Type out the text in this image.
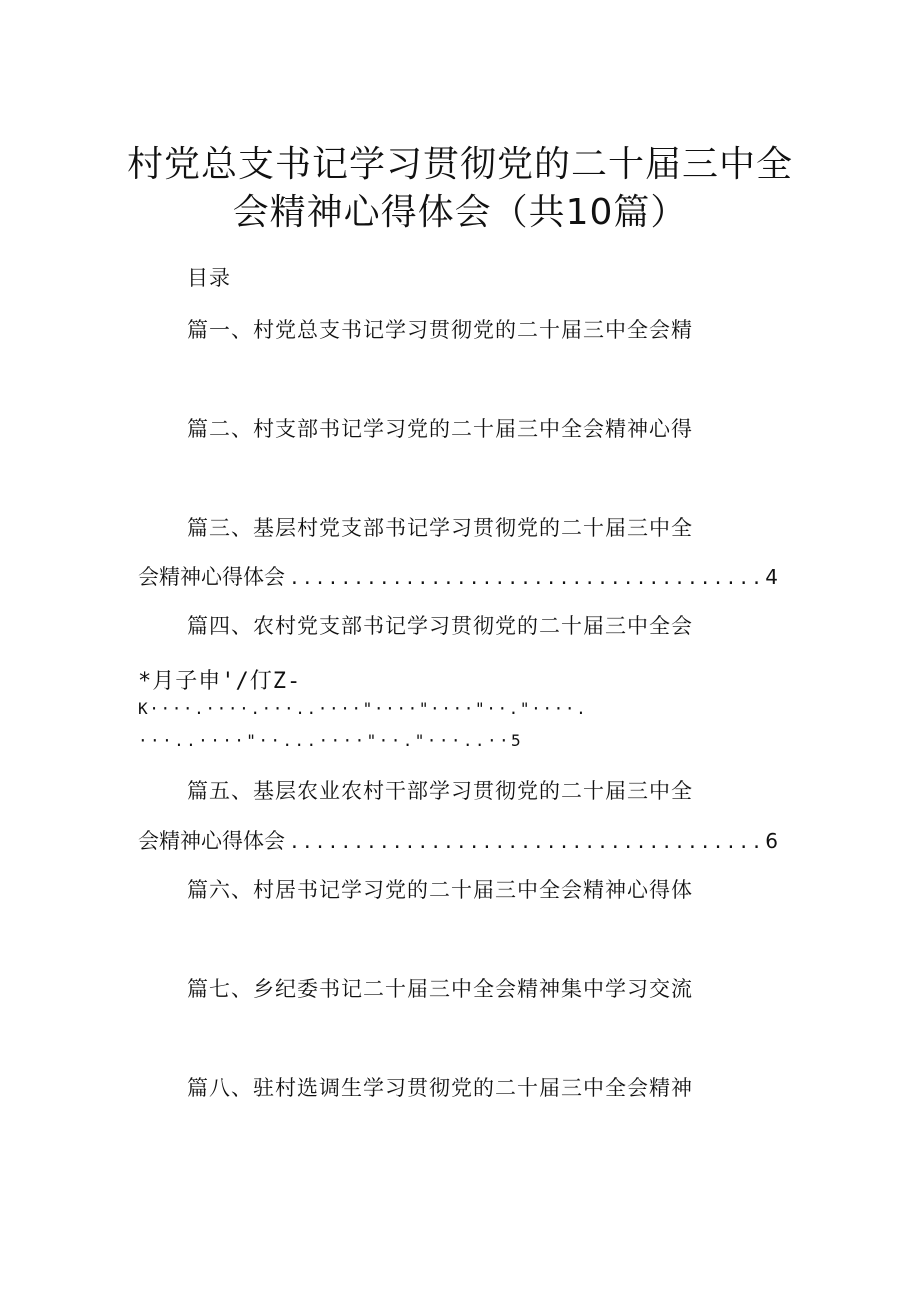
村党总支书记学习贯彻党的二十届三中全
会精神心得体会（共10篇）
目录
篇一、村党总支书记学习贯彻党的二十届三中全会精
篇二、村支部书记学习党的二十届三中全会精神心得
篇三、基层村党支部书记学习贯彻党的二十届三中全
会精神心得体会 .....	4
篇四、农村党支部书记学习贯彻党的二十届三中全会
*月子申'/仃Z-
K····.····.···..····"····"····"··."····.
···..····"··...····"··."···..··5
篇五、基层农业农村干部学习贯彻党的二十届三中全
会精神心得体会 .....	6
篇六、村居书记学习党的二十届三中全会精神心得体
篇七、乡纪委书记二十届三中全会精神集中学习交流
篇八、驻村选调生学习贯彻党的二十届三中全会精神
